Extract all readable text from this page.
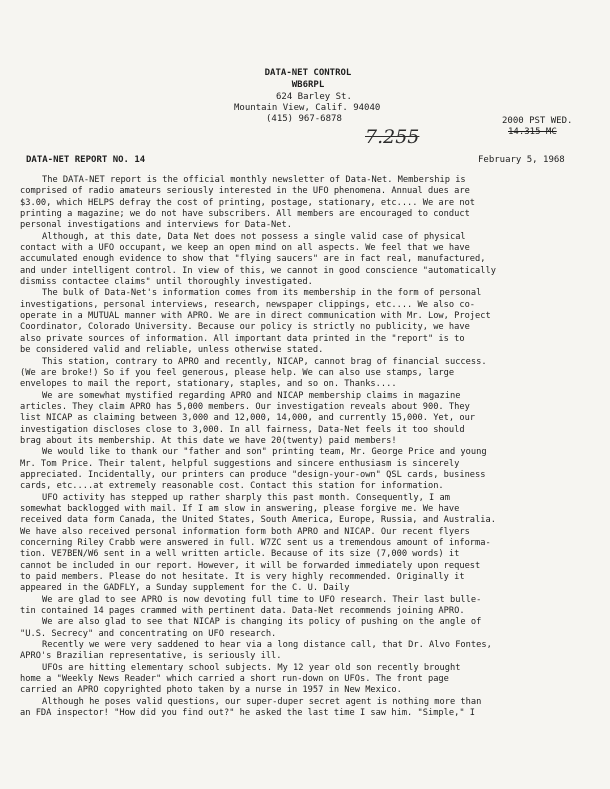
DATA-NET CONTROL
WB6RPL
624 Barley St.
Mountain View, Calif. 94040
(415) 967-6878	2000 PST WED.
14.315 MC
7.255
DATA-NET REPORT NO. 14	February 5, 1968
The DATA-NET report is the official monthly newsletter of Data-Net. Membership is
comprised of radio amateurs seriously interested in the UFO phenomena. Annual dues are
$3.00, which HELPS defray the cost of printing, postage, stationary, etc.... We are not
printing a magazine; we do not have subscribers. All members are encouraged to conduct
personal investigations and interviews for Data-Net.
Although, at this date, Data Net does not possess a single valid case of physical
contact with a UFO occupant, we keep an open mind on all aspects. We feel that we have
accumulated enough evidence to show that "flying saucers" are in fact real, manufactured,
and under intelligent control. In view of this, we cannot in good conscience "automatically
dismiss contactee claims" until thoroughly investigated.
The bulk of Data-Net's information comes from its membership in the form of personal
investigations, personal interviews, research, newspaper clippings, etc.... We also co-
operate in a MUTUAL manner with APRO. We are in direct communication with Mr. Low, Project
Coordinator, Colorado University. Because our policy is strictly no publicity, we have
also private sources of information. All important data printed in the "report" is to
be considered valid and reliable, unless otherwise stated.
This station, contrary to APRO and recently, NICAP, cannot brag of financial success.
(We are broke!) So if you feel generous, please help. We can also use stamps, large
envelopes to mail the report, stationary, staples, and so on. Thanks....
We are somewhat mystified regarding APRO and NICAP membership claims in magazine
articles. They claim APRO has 5,000 members. Our investigation reveals about 900. They
list NICAP as claiming between 3,000 and 12,000, 14,000, and currently 15,000. Yet, our
investigation discloses close to 3,000. In all fairness, Data-Net feels it too should
brag about its membership. At this date we have 20(twenty) paid members!
We would like to thank our "father and son" printing team, Mr. George Price and young
Mr. Tom Price. Their talent, helpful suggestions and sincere enthusiasm is sincerely
appreciated. Incidentally, our printers can produce "design-your-own" QSL cards, business
cards, etc....at extremely reasonable cost. Contact this station for information.
UFO activity has stepped up rather sharply this past month. Consequently, I am
somewhat backlogged with mail. If I am slow in answering, please forgive me. We have
received data form Canada, the United States, South America, Europe, Russia, and Australia.
We have also received personal information form both APRO and NICAP. Our recent flyers
concerning Riley Crabb were answered in full. W7ZC sent us a tremendous amount of informa-
tion. VE7BEN/W6 sent in a well written article. Because of its size (7,000 words) it
cannot be included in our report. However, it will be forwarded immediately upon request
to paid members. Please do not hesitate. It is very highly recommended. Originally it
appeared in the GADFLY, a Sunday supplement for the C. U. Daily
We are glad to see APRO is now devoting full time to UFO research. Their last bulle-
tin contained 14 pages crammed with pertinent data. Data-Net recommends joining APRO.
We are also glad to see that NICAP is changing its policy of pushing on the angle of
"U.S. Secrecy" and concentrating on UFO research.
Recently we were very saddened to hear via a long distance call, that Dr. Alvo Fontes,
APRO's Brazilian representative, is seriously ill.
UFOs are hitting elementary school subjects. My 12 year old son recently brought
home a "Weekly News Reader" which carried a short run-down on UFOs. The front page
carried an APRO copyrighted photo taken by a nurse in 1957 in New Mexico.
Although he poses valid questions, our super-duper secret agent is nothing more than
an FDA inspector! "How did you find out?" he asked the last time I saw him. "Simple," I
